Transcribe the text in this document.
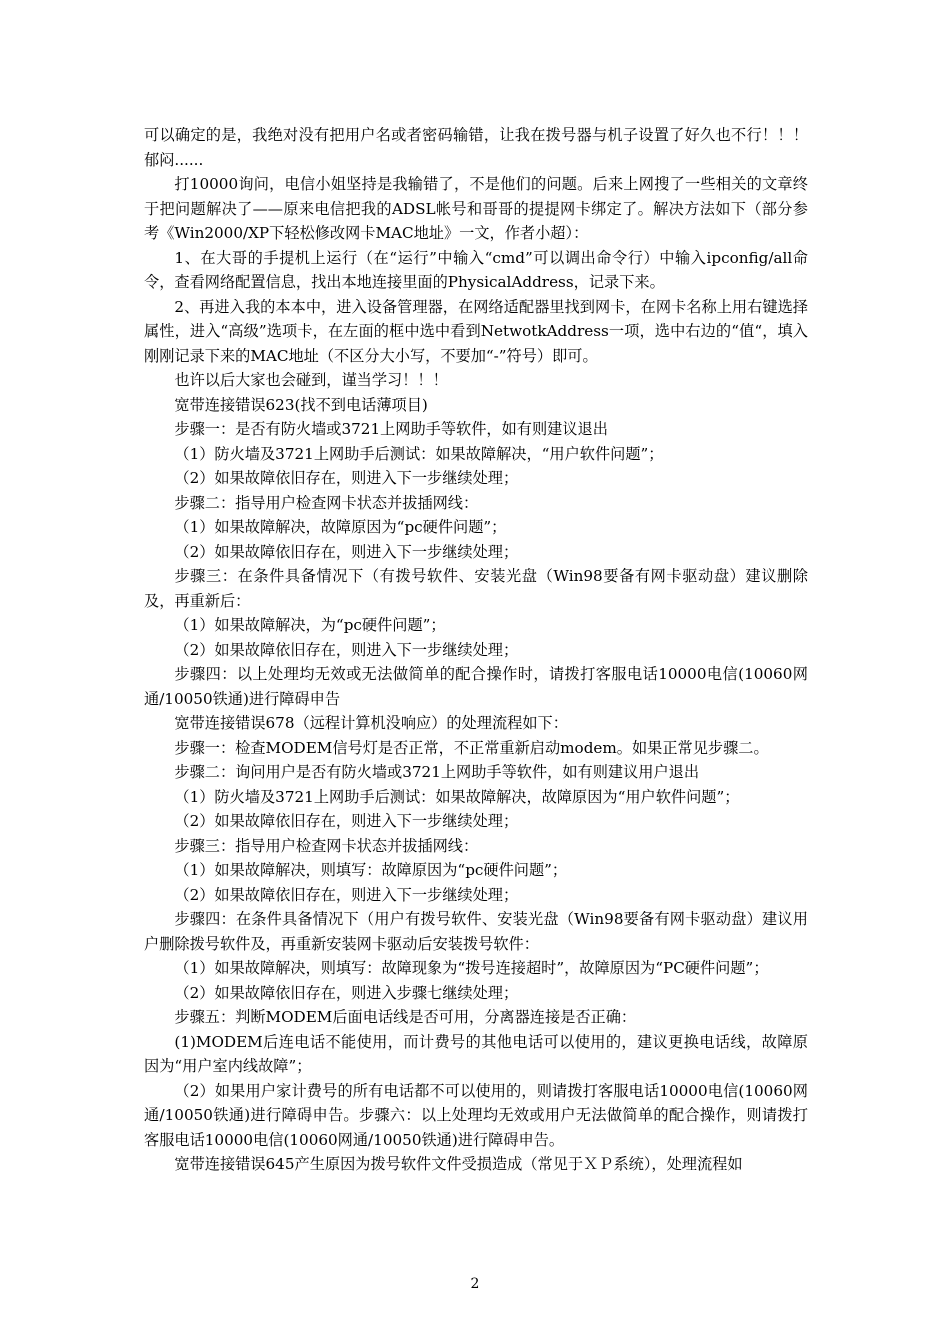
可以确定的是，我绝对没有把用户名或者密码输错，让我在拨号器与机子设置了好久也不行！！！郁闷......

打10000询问，电信小姐坚持是我输错了，不是他们的问题。后来上网搜了一些相关的文章终于把问题解决了——原来电信把我的ADSL帐号和哥哥的提提网卡绑定了。解决方法如下（部分参考《Win2000/XP下轻松修改网卡MAC地址》一文，作者小超）：

1、在大哥的手提机上运行（在“运行”中输入“cmd”可以调出命令行）中输入ipconfig/all命令，查看网络配置信息，找出本地连接里面的PhysicalAddress，记录下来。

2、再进入我的本本中，进入设备管理器，在网络适配器里找到网卡，在网卡名称上用右键选择属性，进入“高级”选项卡，在左面的框中选中看到NetwotkAddress一项，选中右边的“值“，填入刚刚记录下来的MAC地址（不区分大小写，不要加“-”符号）即可。

也许以后大家也会碰到，谨当学习！！！

宽带连接错误623(找不到电话薄项目)

步骤一：是否有防火墙或3721上网助手等软件，如有则建议退出

（1）防火墙及3721上网助手后测试：如果故障解决，“用户软件问题”；

（2）如果故障依旧存在，则进入下一步继续处理；

步骤二：指导用户检查网卡状态并拔插网线：

（1）如果故障解决，故障原因为“pc硬件问题”；

（2）如果故障依旧存在，则进入下一步继续处理；

步骤三：在条件具备情况下（有拨号软件、安装光盘（Win98要备有网卡驱动盘）建议删除及，再重新后：

（1）如果故障解决，为“pc硬件问题”；

（2）如果故障依旧存在，则进入下一步继续处理；

步骤四：以上处理均无效或无法做简单的配合操作时，请拨打客服电话10000电信(10060网通/10050铁通)进行障碍申告

宽带连接错误678（远程计算机没响应）的处理流程如下：

步骤一：检查MODEM信号灯是否正常，不正常重新启动modem。如果正常见步骤二。

步骤二：询问用户是否有防火墙或3721上网助手等软件，如有则建议用户退出

（1）防火墙及3721上网助手后测试：如果故障解决，故障原因为“用户软件问题”；

（2）如果故障依旧存在，则进入下一步继续处理；

步骤三：指导用户检查网卡状态并拔插网线：

（1）如果故障解决，则填写：故障原因为“pc硬件问题”；

（2）如果故障依旧存在，则进入下一步继续处理；

步骤四：在条件具备情况下（用户有拨号软件、安装光盘（Win98要备有网卡驱动盘）建议用户删除拨号软件及，再重新安装网卡驱动后安装拨号软件：

（1）如果故障解决，则填写：故障现象为“拨号连接超时”，故障原因为“PC硬件问题”；

（2）如果故障依旧存在，则进入步骤七继续处理；

步骤五：判断MODEM后面电话线是否可用，分离器连接是否正确：

(1)MODEM后连电话不能使用，而计费号的其他电话可以使用的，建议更换电话线，故障原因为“用户室内线故障”；

（2）如果用户家计费号的所有电话都不可以使用的，则请拨打客服电话10000电信(10060网通/10050铁通)进行障碍申告。步骤六：以上处理均无效或用户无法做简单的配合操作，则请拨打客服电话10000电信(10060网通/10050铁通)进行障碍申告。

宽带连接错误645产生原因为拨号软件文件受损造成（常见于ＸＰ系统），处理流程如

2
